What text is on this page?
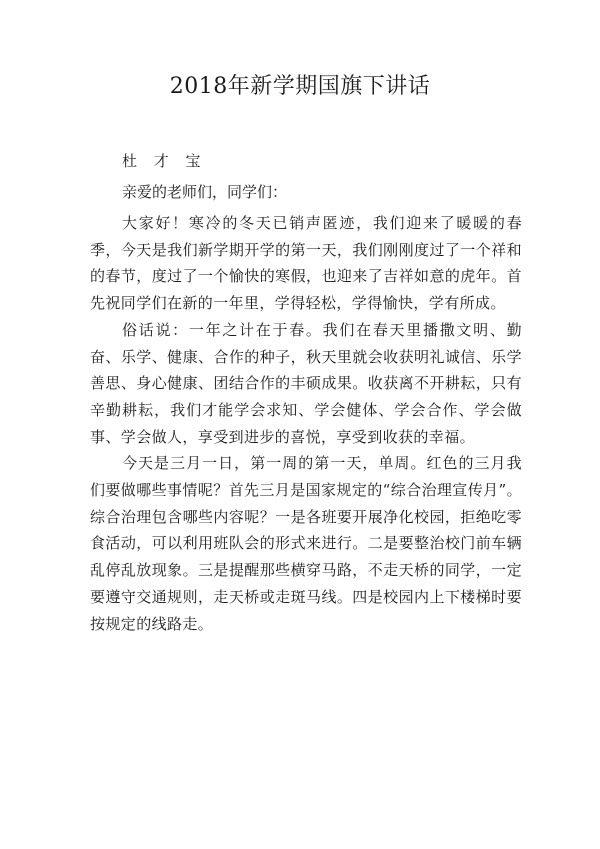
2018年新学期国旗下讲话
杜 才 宝
亲爱的老师们，同学们：

大家好！寒冷的冬天已销声匿迹，我们迎来了暖暖的春季，今天是我们新学期开学的第一天，我们刚刚度过了一个祥和的春节，度过了一个愉快的寒假，也迎来了吉祥如意的虎年。首先祝同学们在新的一年里，学得轻松，学得愉快，学有所成。

俗话说：一年之计在于春。我们在春天里播撒文明、勤奋、乐学、健康、合作的种子，秋天里就会收获明礼诚信、乐学善思、身心健康、团结合作的丰硕成果。收获离不开耕耘，只有辛勤耕耘，我们才能学会求知、学会健体、学会合作、学会做事、学会做人，享受到进步的喜悦，享受到收获的幸福。

今天是三月一日，第一周的第一天，单周。红色的三月我们要做哪些事情呢？首先三月是国家规定的“综合治理宣传月”。综合治理包含哪些内容呢？一是各班要开展净化校园，拒绝吃零食活动，可以利用班队会的形式来进行。二是要整治校门前车辆乱停乱放现象。三是提醒那些横穿马路，不走天桥的同学，一定要遵守交通规则，走天桥或走斑马线。四是校园内上下楼梯时要按规定的线路走。
